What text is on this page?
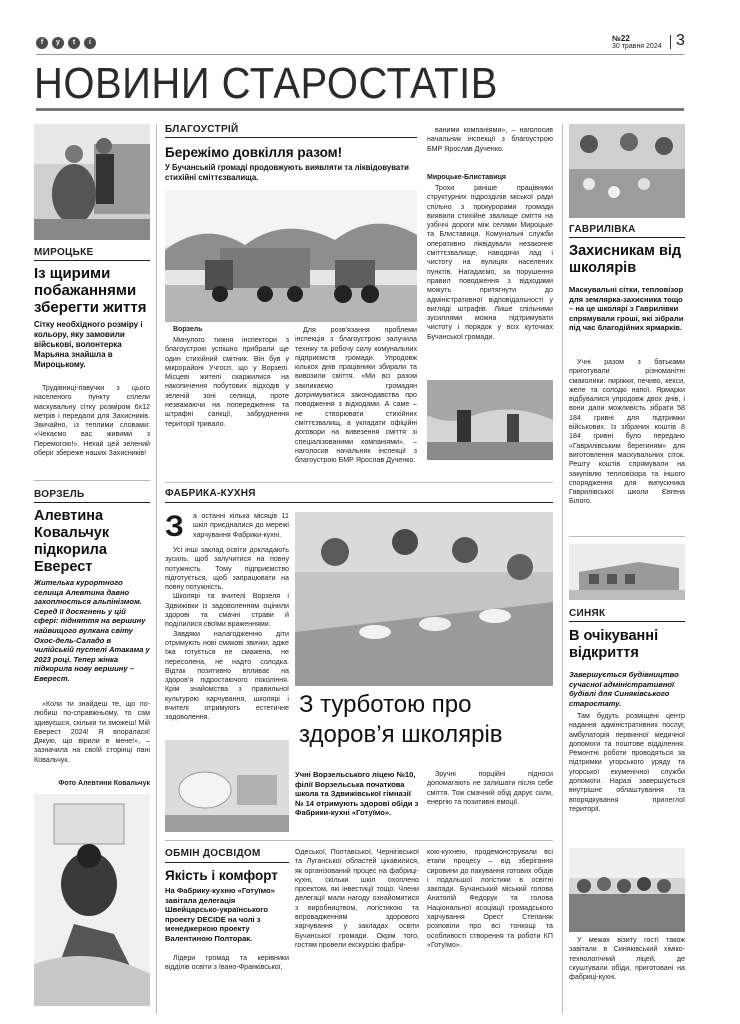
f	y	t	i	№22
30 травня 2024 3
НОВИНИ СТАРОСТАТІВ
МИРОЦЬКЕ
Із щирими побажаннями зберегти життя
Сітку необхідного розміру і кольору, яку замовили військові, волонтерка Марьяна знайшла в Мироцькому.

Трудівниці-павучки з цього населеного пункту сплели маскувальну сітку розміром 6х12 метрів і передали для Захисників. Звичайно, із теплими словами: «Чекаємо вас живими з Перемогою!». Нехай цей зелений оберіг збереже наших Захисників!

ВОРЗЕЛЬ
Алевтина Ковальчук підкорила Еверест
Жителька курортного селища Алевтина давно захоплюється альпінізмом. Серед її досягнень у цій сфері: підняття на вершину найвищого вулкана світу Охос-дель-Саладо в чилійській пустелі Атакама у 2023 році. Тепер жінка підкорила нову вершину – Еверест.

«Коли ти знайдеш те, що по-любиш по-справжньому, то сам здивуєшся, скільки ти зможеш! Мій Еверест 2024! Я впоралася! Дякую, що вірили в мене!», – зазначила на своїй сторінці пані Ковальчук.

Фото Алевтини Ковальчук
БЛАГОУСТРІЙ
Бережімо довкілля разом!
У Бучанській громаді продовжують виявляти та ліквідовувати стихійні сміттєзвалища.
Ворзель

Минулого тижня інспектори з благоустрою успішно прибрали ще один стихійний смітник. Він був у мікрорайоні Учгосп, що у Ворзелі. Місцеві жителі скаржилися на накопичення побутових відходів у зеленій зоні селища, проте незважаючи на попередження та штрафні санкції, забруднення території тривало.

Для розв’язання проблеми інспекція з благоустрою залучила техніку та робочу силу комунальних підприємств громади. Упродовж кількох днів працівники збирали та вивозили сміття. «Ми всі разом закликаємо громадян дотримуватися законодавства про поводження з відходами. А саме – не створювати стихійних сміттєзвалищ, а укладати офіційні договори на вивезення сміття зі спеціалізованими компаніями», – наголосив начальник інспекції з благоустрою БМР Ярослав Дученко.

Мироцьке-Блиставиця

ваними компаніями», – наголосив начальник інспекції з благоустрою БМР Ярослав Дученко.

Трохи раніше працівники структурних підрозділів міської ради спільно з прокурорами громади виявили стихійне звалище сміття на узбіччі дороги між селами Мироцьке та Блиставиця. Комунальні служби оперативно ліквідували незаконне сміттєзвалище, наводячи лад і чистоту на вулицях населених пунктів. Нагадаємо, за порушення правил поводження з відходами можуть притягнути до адміністративної відповідальності у вигляді штрафів. Лише спільними зусиллями можна підтримувати чистоту і порядок у всіх куточках Бучанської громади.

ГАВРИЛІВКА
Захисникам від школярів
Маскувальні сітки, тепловізор для землярка-захисника тощо – на це школярі з Гаврилівки спрямували гроші, які зібрали під час благодійних ярмарків.

Учні разом з батьками приготували різноманітні смаколики: пиріжки, печиво, кекси, желе та солодкі напої. Ярмарки відбувалися упродовж двох днів, і вони дали можливість зібрати 58 184 гривні для підтримки військових. Із зібраних коштів 8 184 гривні було передано «Гаврилівським берегиням» для виготовлення маскувальних сіток. Решту коштів спрямували на закупівлю тепловізора та іншого спорядження для випускника Гаврилівської школи Євгена Білого.

ФАБРИКА-КУХНЯ
З а останні кілька місяців 11 шкіл приєдналися до мережі харчування Фабрики-кухні.

Усі інші заклад освіти докладають зусиль, щоб залучитися на повну потужність. Тому підприємство підготується, щоб запрацювати на повну потужність.

Школярі та вчителі Ворзеля і Здвижівки із задоволенням оцінили здорові та смачні страви й поділилися своїми враженнями.

Завдяки налагодженню діти отримують нові смакові звички, адже їжа готується не смажена, не пересолена, не надто солодка. Відтак позитивно впливає на здоров’я підростаючого покоління. Крім знайомства з правильної культурою харчування, школярі і вчителі отримують естетичне задоволення.	З турботою про здоров’я школярів
Учні Ворзельського ліцею №10, філії Ворзельська початкова школа та Здвижівської гімназії № 14 отримують здорові обіди з Фабрики-кухні «Готуїмо».

Зручні порційні підноси допомагають не залишати після себе сміття. Тож смачний обід дарує сили, енергію та позитивні емоції.

СИНЯК
В очікуванні відкриття
Завершується будівництво сучасної адміністративної будівлі для Синяківського старостату.

Там будуть розміщені центр надання адміністративних послуг, амбулаторія первинної медичної допомоги та поштове відділення. Ремонтні роботи проводяться за підтримки угорського уряду та угорської екуменічної служби допомоги. Наразі завершується внутрішнє облаштування та впорядкування прилеглої території.

ОБМІН ДОСВІДОМ
Якість і комфорт
На Фабрику-кухню «Готуїмо» завітала делегація Швейцарсько-українського проекту DECIDE на чолі з менеджеркою проекту Валентиною Полторак.

Лідери громад та керівники відділів освіти з Івано-Франківської,

Одеської, Полтавської, Чернігівської та Луганської областей цікавилися, як організований процес на фабриці-кухні, скільки шкіл охоплено проектом, які інвестиції тощо. Члени делегації мали нагоду ознайомитися з виробництвом, логістикою та впровадженням здорового харчування у закладах освіти Бучанської громади. Окрім того, гостям провели екскурсію фабри-

кою-кухнею, продемонстрували всі етапи процесу – від зберігання сировини до пакування готових обідів і подальшої логістики в освітні заклади. Бучанський міський голова Анатолій Федорук та голова Національної асоціації громадського харчування Орест Степаняк розповіли про всі тонкощі та особливості створення та роботи КП «Готуїмо».

У межах візиту гості також завітали в Синяківський хіміко-технологічний ліцей, де скуштували обіди, приготовані на фабриці-кухні.
